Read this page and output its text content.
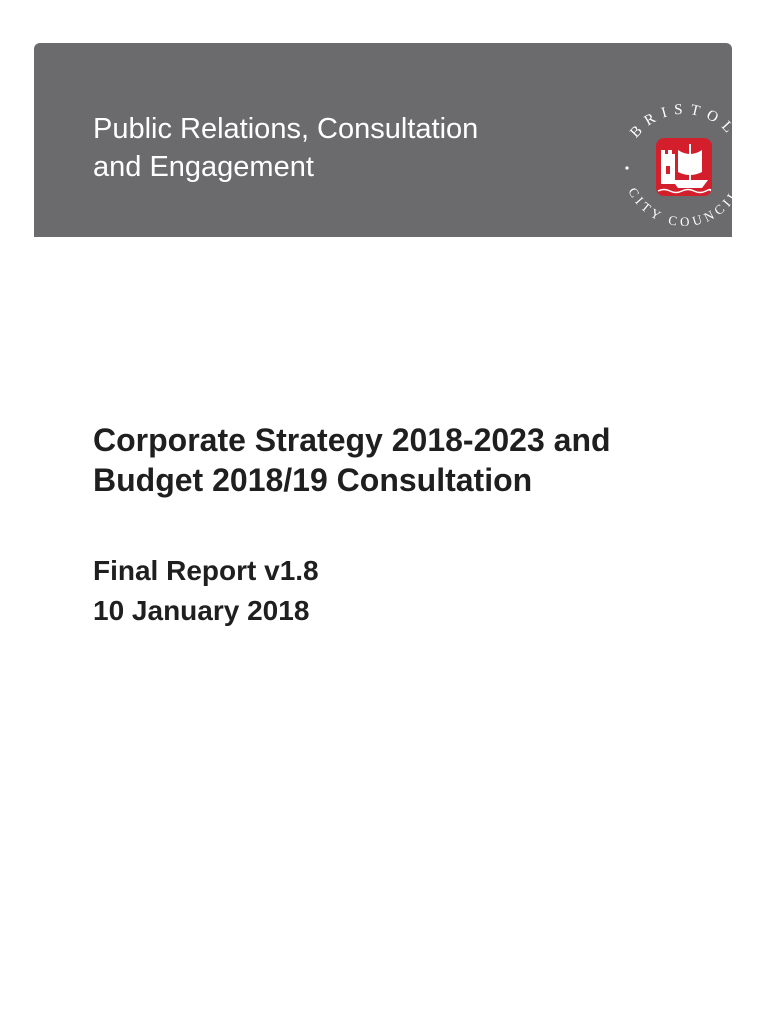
Public Relations, Consultation
and Engagement
BRISTOL
CITY COUNCIL
Corporate Strategy 2018-2023 and
Budget 2018/19 Consultation
Final Report v1.8
10 January 2018
